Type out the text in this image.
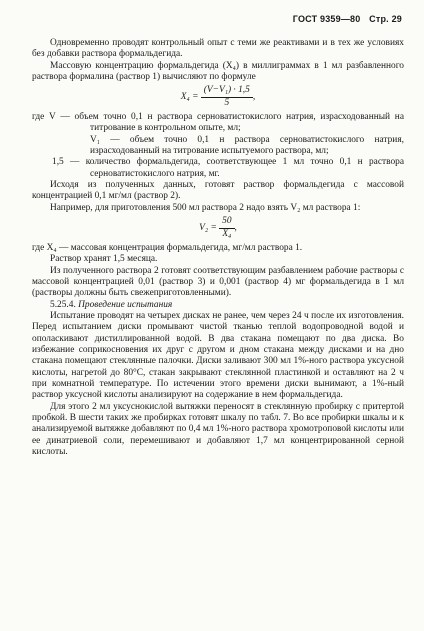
ГОСТ 9359—80 Стр. 29

Одновременно проводят контрольный опыт с теми же реактивами и в тех же условиях без добавки раствора формальдегида.

Массовую концентрацию формальдегида (X₄) в миллиграммах в 1 мл разбавленного раствора формалина (раствор 1) вычисляют по формуле

$X_4 = \frac{\text{(V−V₁) · 1,5}}{5}$ ,

где V — объем точно 0,1 н раствора серноватистокислого натрия, израсходованный на титрование в контрольном опыте, мл;

V₁ — объем точно 0,1 н раствора серноватистокислого натрия, израсходованный на титрование испытуемого раствора, мл;

1,5 — количество формальдегида, соответствующее 1 мл точно 0,1 н раствора серноватистокислого натрия, мг.

Исходя из полученных данных, готовят раствор формальдегида с массовой концентрацией 0,1 мг/мл (раствор 2).

Например, для приготовления 500 мл раствора 2 надо взять V₂ мл раствора 1:

$V_2 = \frac{50}{\text{X₄}}$ ,

где X₄ — массовая концентрация формальдегида, мг/мл раствора 1.

Раствор хранят 1,5 месяца.

Из полученного раствора 2 готовят соответствующим разбавлением рабочие растворы с массовой концентрацией 0,01 (раствор 3) и 0,001 (раствор 4) мг формальдегида в 1 мл (растворы должны быть свежеприготовленными).

5.25.4. Проведение испытания

Испытание проводят на четырех дисках не ранее, чем через 24 ч после их изготовления. Перед испытанием диски промывают чистой тканью теплой водопроводной водой и ополаскивают дистиллированной водой. В два стакана помещают по два диска. Во избежание соприкосновения их друг с другом и дном стакана между дисками и на дно стакана помещают стеклянные палочки. Диски заливают 300 мл 1%-ного раствора уксусной кислоты, нагретой до 80°С, стакан закрывают стеклянной пластинкой и оставляют на 2 ч при комнатной температуре. По истечении этого времени диски вынимают, а 1%-ный раствор уксусной кислоты анализируют на содержание в нем формальдегида.

Для этого 2 мл уксуснокислой вытяжки переносят в стеклянную пробирку с притертой пробкой. В шести таких же пробирках готовят шкалу по табл. 7. Во все пробирки шкалы и к анализируемой вытяжке добавляют по 0,4 мл 1%-ного раствора хромотроповой кислоты или ее динатриевой соли, перемешивают и добавляют 1,7 мл концентрированной серной кислоты.
